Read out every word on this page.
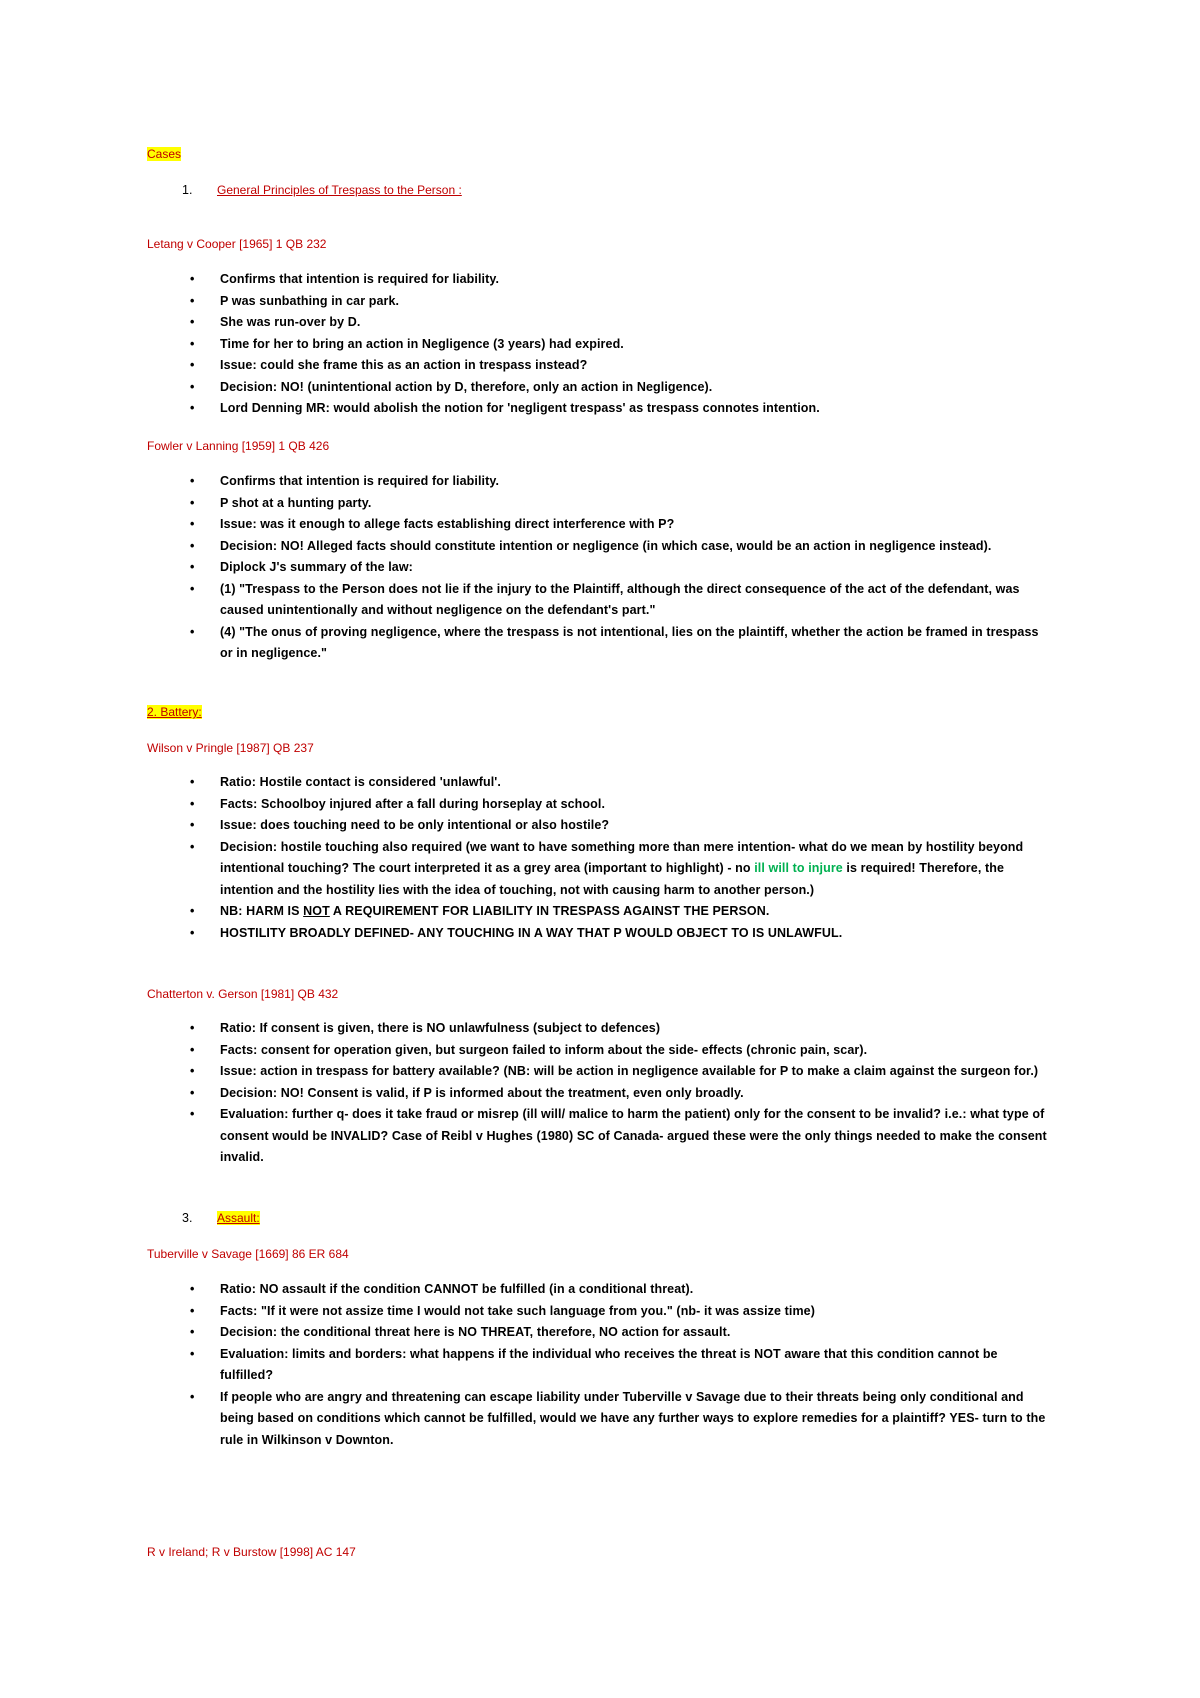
Cases
1. General Principles of Trespass to the Person :
Letang v Cooper [1965] 1 QB 232
• Confirms that intention is required for liability.
• P was sunbathing in car park.
• She was run-over by D.
• Time for her to bring an action in Negligence (3 years) had expired.
• Issue: could she frame this as an action in trespass instead?
• Decision: NO! (unintentional action by D, therefore, only an action in Negligence).
• Lord Denning MR: would abolish the notion for 'negligent trespass' as trespass connotes intention.
Fowler v Lanning [1959] 1 QB 426
• Confirms that intention is required for liability.
• P shot at a hunting party.
• Issue: was it enough to allege facts establishing direct interference with P?
• Decision: NO! Alleged facts should constitute intention or negligence (in which case, would be an action in negligence instead).
• Diplock J's summary of the law:
• (1) "Trespass to the Person does not lie if the injury to the Plaintiff, although the direct consequence of the act of the defendant, was caused unintentionally and without negligence on the defendant's part."
• (4) "The onus of proving negligence, where the trespass is not intentional, lies on the plaintiff, whether the action be framed in trespass or in negligence."
2. Battery:
Wilson v Pringle [1987] QB 237
• Ratio: Hostile contact is considered 'unlawful'.
• Facts: Schoolboy injured after a fall during horseplay at school.
• Issue: does touching need to be only intentional or also hostile?
• Decision: hostile touching also required (we want to have something more than mere intention- what do we mean by hostility beyond intentional touching? The court interpreted it as a grey area (important to highlight) - no ill will to injure is required! Therefore, the intention and the hostility lies with the idea of touching, not with causing harm to another person.)
• NB: HARM IS NOT A REQUIREMENT FOR LIABILITY IN TRESPASS AGAINST THE PERSON.
• HOSTILITY BROADLY DEFINED- ANY TOUCHING IN A WAY THAT P WOULD OBJECT TO IS UNLAWFUL.
Chatterton v. Gerson [1981] QB 432
• Ratio: If consent is given, there is NO unlawfulness (subject to defences)
• Facts: consent for operation given, but surgeon failed to inform about the side- effects (chronic pain, scar).
• Issue: action in trespass for battery available? (NB: will be action in negligence available for P to make a claim against the surgeon for.)
• Decision: NO! Consent is valid, if P is informed about the treatment, even only broadly.
• Evaluation: further q- does it take fraud or misrep (ill will/ malice to harm the patient) only for the consent to be invalid? i.e.: what type of consent would be INVALID? Case of Reibl v Hughes (1980) SC of Canada- argued these were the only things needed to make the consent invalid.
3. Assault:
Tuberville v Savage [1669] 86 ER 684
• Ratio: NO assault if the condition CANNOT be fulfilled (in a conditional threat).
• Facts: "If it were not assize time I would not take such language from you." (nb- it was assize time)
• Decision: the conditional threat here is NO THREAT, therefore, NO action for assault.
• Evaluation: limits and borders: what happens if the individual who receives the threat is NOT aware that this condition cannot be fulfilled?
• If people who are angry and threatening can escape liability under Tuberville v Savage due to their threats being only conditional and being based on conditions which cannot be fulfilled, would we have any further ways to explore remedies for a plaintiff? YES- turn to the rule in Wilkinson v Downton.
R v Ireland; R v Burstow [1998] AC 147
